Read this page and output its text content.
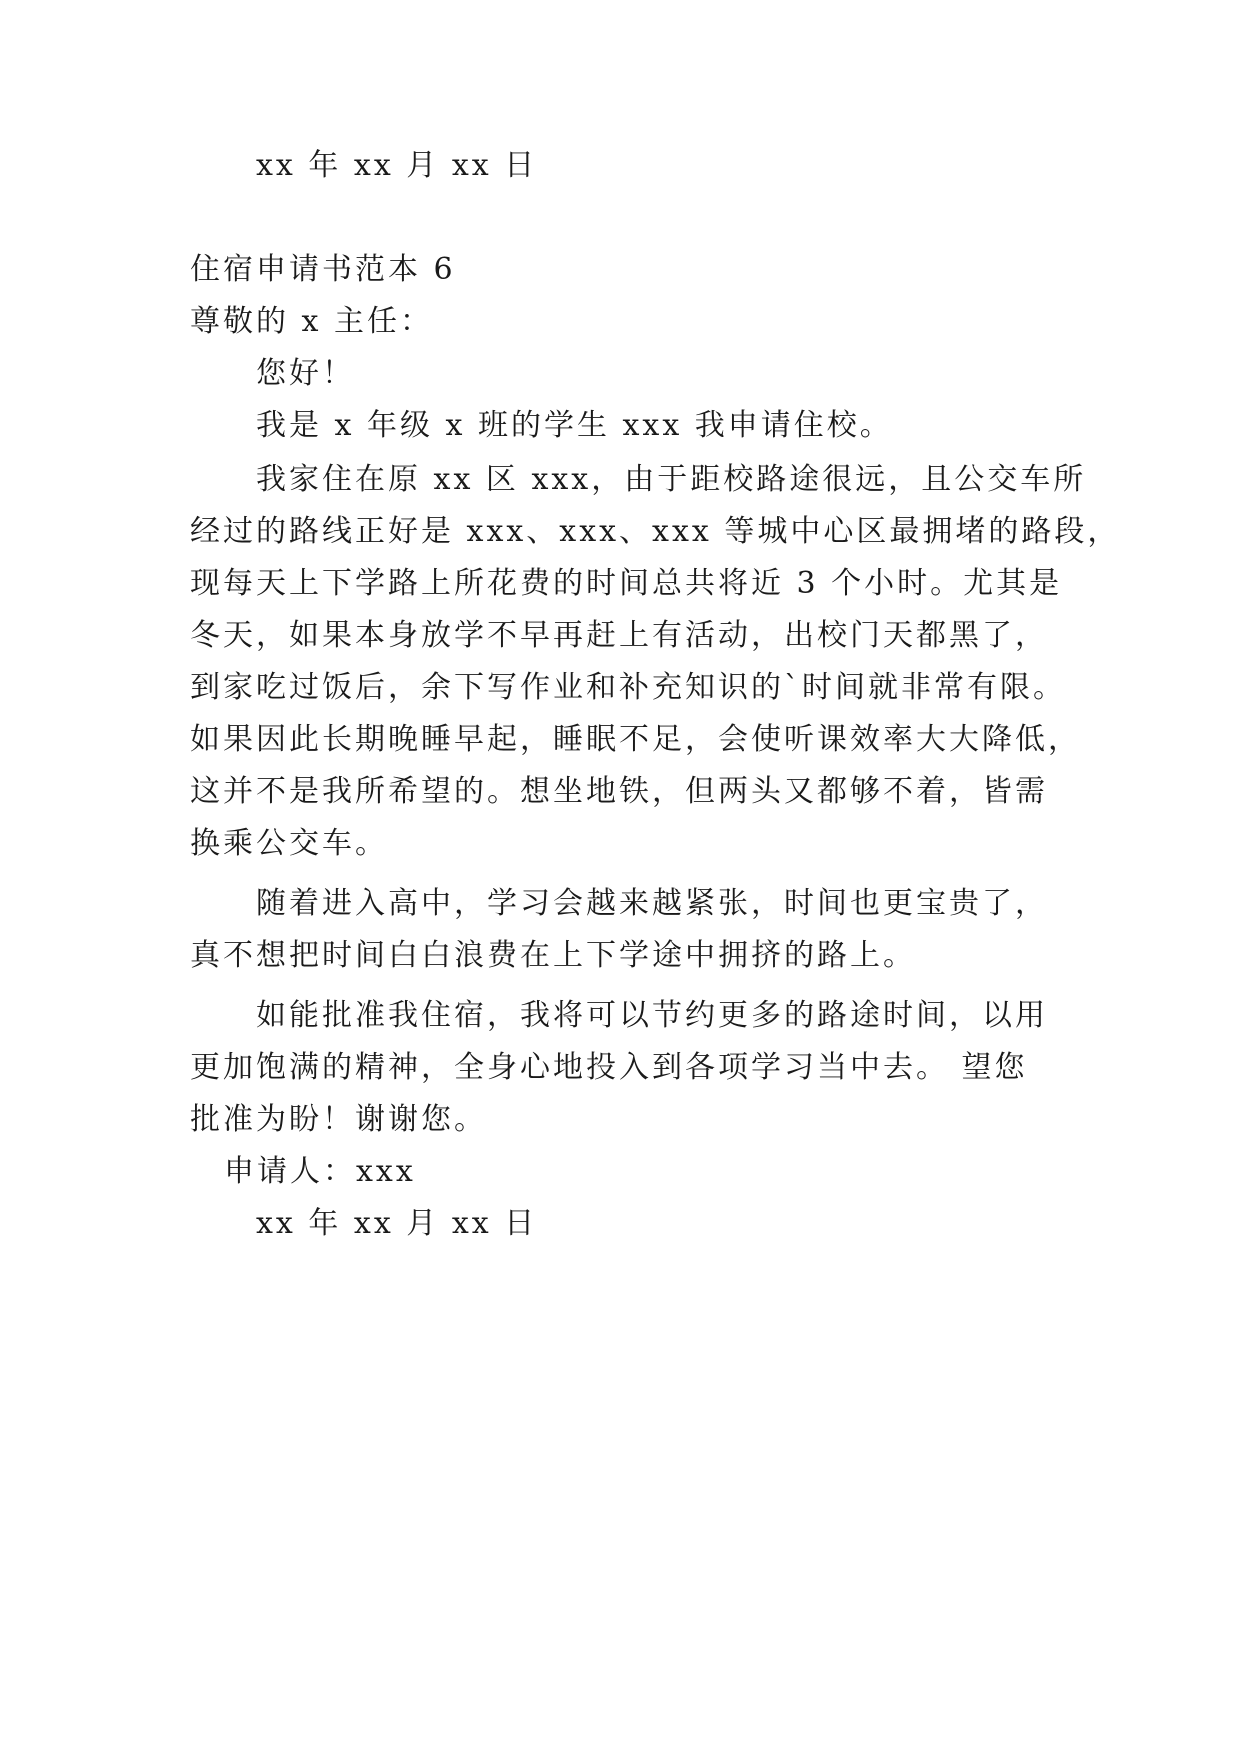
xx 年 xx 月 xx 日
住宿申请书范本 6
尊敬的 x 主任：
您好！
我是 x 年级 x 班的学生 xxx 我申请住校。
我家住在原 xx 区 xxx，由于距校路途很远，且公交车所
经过的路线正好是 xxx、xxx、xxx 等城中心区最拥堵的路段，
现每天上下学路上所花费的时间总共将近 3 个小时。尤其是
冬天，如果本身放学不早再赶上有活动，出校门天都黑了，
到家吃过饭后，余下写作业和补充知识的`时间就非常有限。
如果因此长期晚睡早起，睡眠不足，会使听课效率大大降低，
这并不是我所希望的。想坐地铁，但两头又都够不着，皆需
换乘公交车。
随着进入高中，学习会越来越紧张，时间也更宝贵了，
真不想把时间白白浪费在上下学途中拥挤的路上。
如能批准我住宿，我将可以节约更多的路途时间，以用
更加饱满的精神，全身心地投入到各项学习当中去。 望您
批准为盼！谢谢您。
申请人：xxx
xx 年 xx 月 xx 日
